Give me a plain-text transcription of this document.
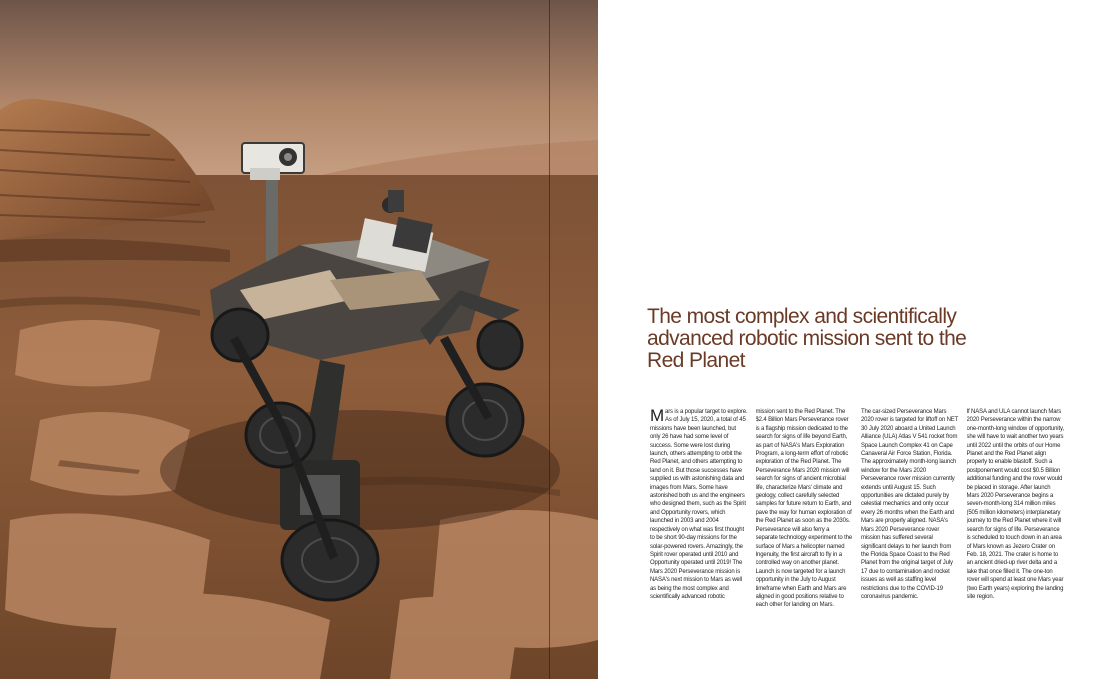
The most complex and scientifically advanced robotic mission sent to the Red Planet

Mars is a popular target to explore. As of July 15, 2020, a total of 45 missions have been launched, but only 26 have had some level of success. Some were lost during launch, others attempting to orbit the Red Planet, and others attempting to land on it. But those successes have supplied us with astonishing data and images from Mars. Some have astonished both us and the engineers who designed them, such as the Spirit and Opportunity rovers, which launched in 2003 and 2004 respectively on what was first thought to be short 90-day missions for the solar-powered rovers. Amazingly, the Spirit rover operated until 2010 and Opportunity operated until 2019! The Mars 2020 Perseverance mission is NASA's next mission to Mars as well as being the most complex and scientifically advanced robotic

mission sent to the Red Planet. The $2.4 Billion Mars Perseverance rover is a flagship mission dedicated to the search for signs of life beyond Earth, as part of NASA's Mars Exploration Program, a long-term effort of robotic exploration of the Red Planet. The Perseverance Mars 2020 mission will search for signs of ancient microbial life, characterize Mars' climate and geology, collect carefully selected samples for future return to Earth, and pave the way for human exploration of the Red Planet as soon as the 2030s. Perseverance will also ferry a separate technology experiment to the surface of Mars a helicopter named Ingenuity, the first aircraft to fly in a controlled way on another planet. Launch is now targeted for a launch opportunity in the July to August timeframe when Earth and Mars are aligned in good positions relative to each other for landing on Mars.

The car-sized Perseverance Mars 2020 rover is targeted for liftoff on NET 30 July 2020 aboard a United Launch Alliance (ULA) Atlas V 541 rocket from Space Launch Complex 41 on Cape Canaveral Air Force Station, Florida. The approximately month-long launch window for the Mars 2020 Perseverance rover mission currently extends until August 15. Such opportunities are dictated purely by celestial mechanics and only occur every 26 months when the Earth and Mars are properly aligned. NASA's Mars 2020 Perseverance rover mission has suffered several significant delays to her launch from the Florida Space Coast to the Red Planet from the original target of July 17 due to contamination and rocket issues as well as staffing level restrictions due to the COVID-19 coronavirus pandemic.

If NASA and ULA cannot launch Mars 2020 Perseverance within the narrow one-month-long window of opportunity, she will have to wait another two years until 2022 until the orbits of our Home Planet and the Red Planet align properly to enable blastoff. Such a postponement would cost $0.5 Billion additional funding and the rover would be placed in storage. After launch Mars 2020 Perseverance begins a seven-month-long 314 million miles (505 million kilometers) interplanetary journey to the Red Planet where it will search for signs of life. Perseverance is scheduled to touch down in an area of Mars known as Jezero Crater on Feb. 18, 2021. The crater is home to an ancient dried-up river delta and a lake that once filled it. The one-ton rover will spend at least one Mars year (two Earth years) exploring the landing site region.
